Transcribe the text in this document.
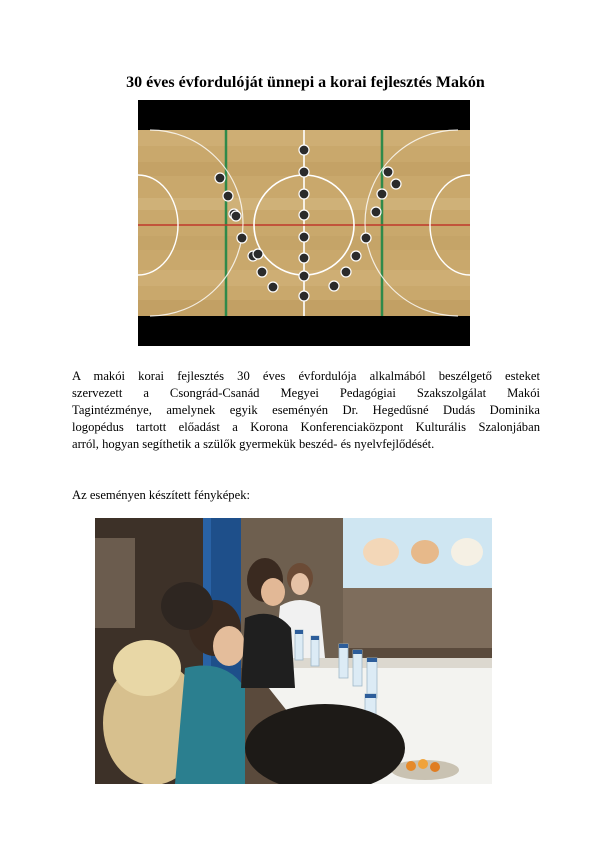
30 éves évfordulóját ünnepi a korai fejlesztés Makón

A makói korai fejlesztés 30 éves évfordulója alkalmából beszélgető esteket
szervezett a Csongrád-Csanád Megyei Pedagógiai Szakszolgálat Makói
Tagintézménye, amelynek egyik eseményén Dr. Hegedűsné Dudás Dominika
logopédus tartott előadást a Korona Konferenciaközpont Kulturális Szalonjában
arról, hogyan segíthetik a szülők gyermekük beszéd- és nyelvfejlődését.

Az eseményen készített fényképek:
